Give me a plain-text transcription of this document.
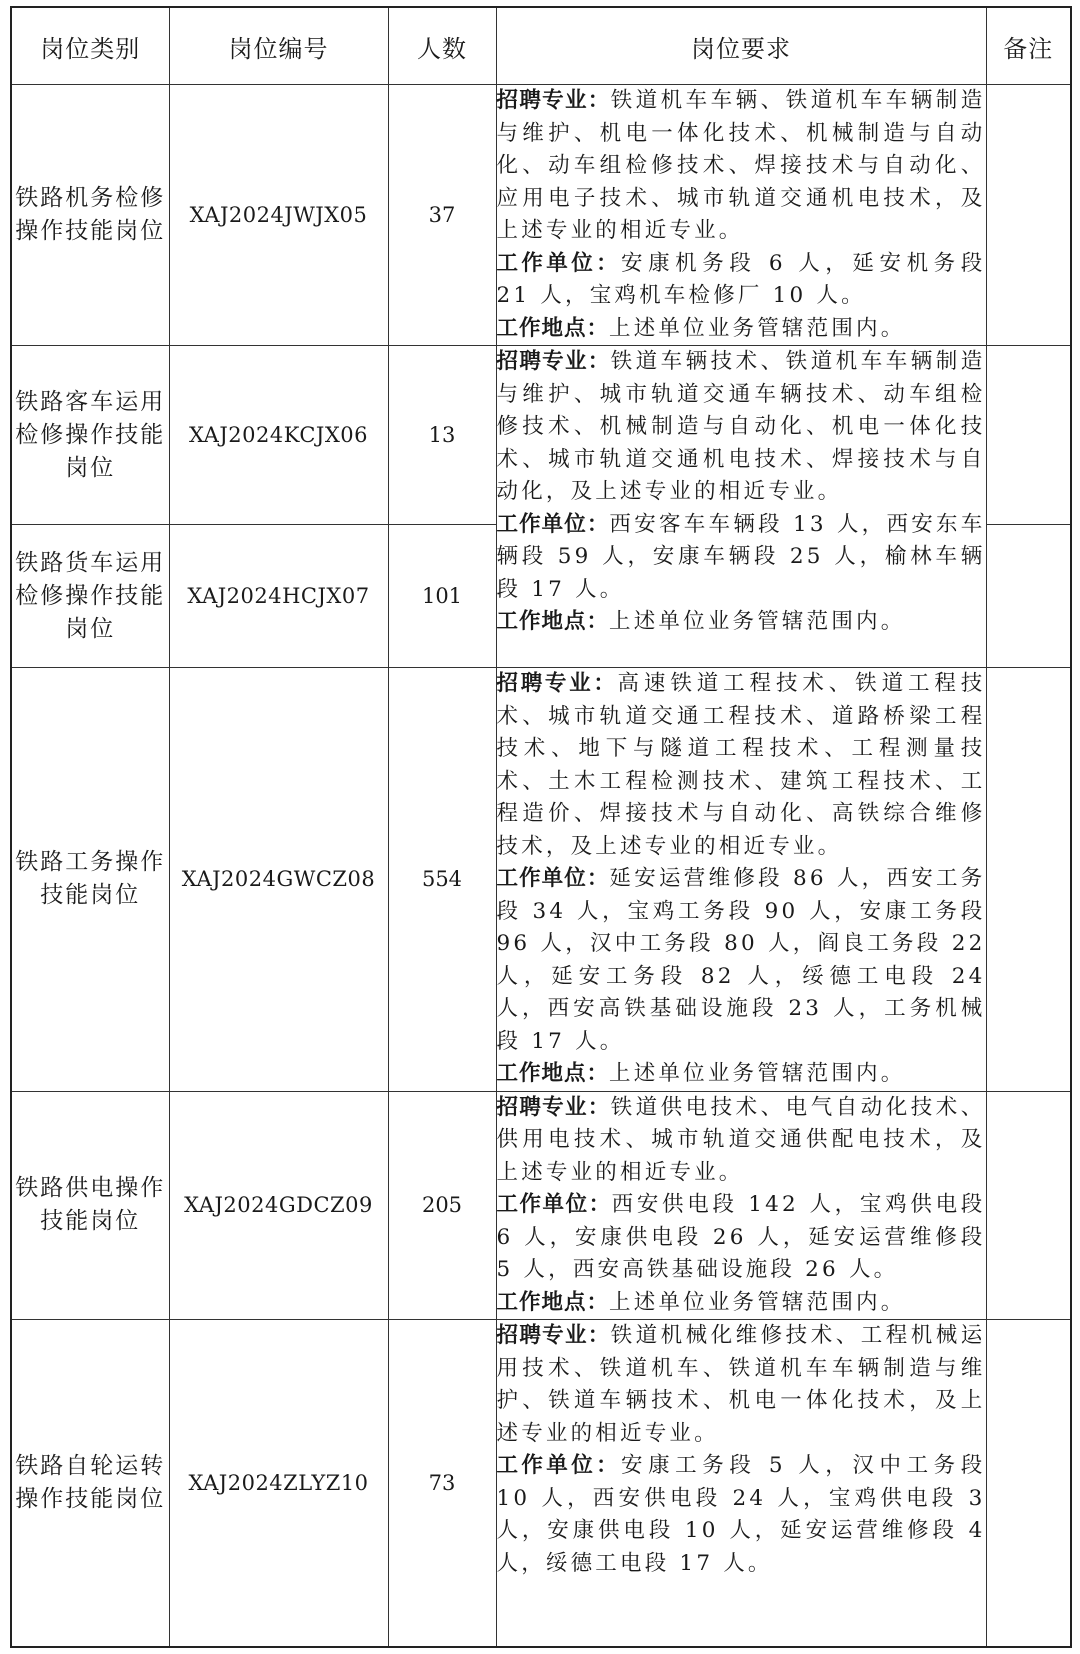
岗位类别	岗位编号	人数	岗位要求	备注
铁路机务检修操作技能岗位	XAJ2024JWJX05	37	招聘专业：铁道机车车辆、铁道机车车辆制造与维护、机电一体化技术、机械制造与自动化、动车组检修技术、焊接技术与自动化、应用电子技术、城市轨道交通机电技术，及上述专业的相近专业。

工作单位：安康机务段 6 人，延安机务段 21 人，宝鸡机车检修厂 10 人。

工作地点：上述单位业务管辖范围内。	

铁路客车运用检修操作技能岗位	XAJ2024KCJX06	13	招聘专业：铁道车辆技术、铁道机车车辆制造与维护、城市轨道交通车辆技术、动车组检修技术、机械制造与自动化、机电一体化技术、城市轨道交通机电技术、焊接技术与自动化，及上述专业的相近专业。

工作单位：西安客车车辆段 13 人，西安东车辆段 59 人，安康车辆段 25 人，榆林车辆段 17 人。

工作地点：上述单位业务管辖范围内。	

铁路货车运用检修操作技能岗位	XAJ2024HCJX07	101		
铁路工务操作技能岗位	XAJ2024GWCZ08	554	招聘专业：高速铁道工程技术、铁道工程技术、城市轨道交通工程技术、道路桥梁工程技术、地下与隧道工程技术、工程测量技术、土木工程检测技术、建筑工程技术、工程造价、焊接技术与自动化、高铁综合维修技术，及上述专业的相近专业。

工作单位：延安运营维修段 86 人，西安工务段 34 人，宝鸡工务段 90 人，安康工务段 96 人，汉中工务段 80 人，阎良工务段 22 人，延安工务段 82 人，绥德工电段 24 人，西安高铁基础设施段 23 人，工务机械段 17 人。

工作地点：上述单位业务管辖范围内。	

铁路供电操作技能岗位	XAJ2024GDCZ09	205	招聘专业：铁道供电技术、电气自动化技术、供用电技术、城市轨道交通供配电技术，及上述专业的相近专业。

工作单位：西安供电段 142 人，宝鸡供电段 6 人，安康供电段 26 人，延安运营维修段 5 人，西安高铁基础设施段 26 人。

工作地点：上述单位业务管辖范围内。	

铁路自轮运转操作技能岗位	XAJ2024ZLYZ10	73	招聘专业：铁道机械化维修技术、工程机械运用技术、铁道机车、铁道机车车辆制造与维护、铁道车辆技术、机电一体化技术，及上述专业的相近专业。

工作单位：安康工务段 5 人，汉中工务段 10 人，西安供电段 24 人，宝鸡供电段 3 人，安康供电段 10 人，延安运营维修段 4 人，绥德工电段 17 人。	
